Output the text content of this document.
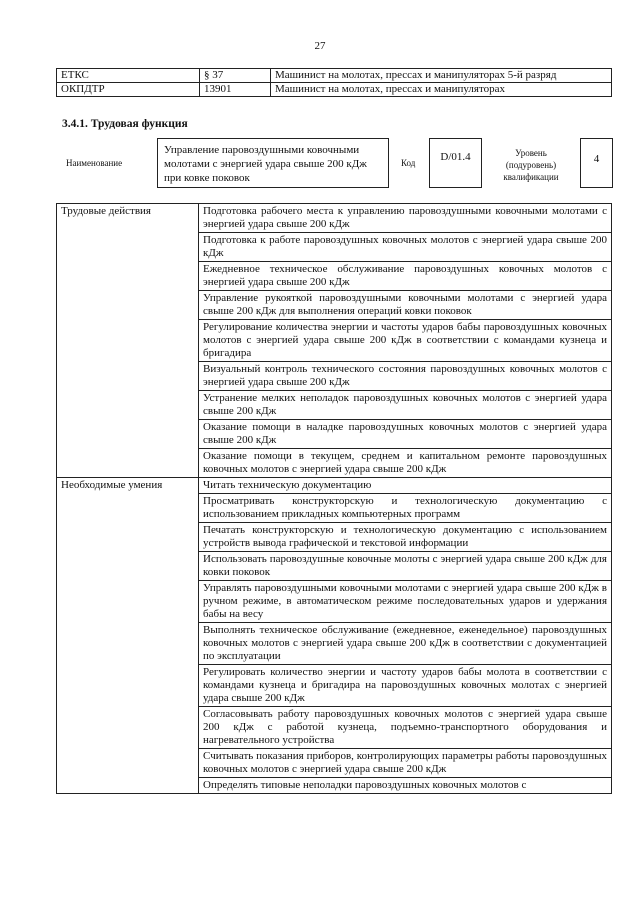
27
ЕТКС	§ 37	Машинист на молотах, прессах и манипуляторах 5-й разряд
ОКПДТР	13901	Машинист на молотах, прессах и манипуляторах
3.4.1. Трудовая функция
Наименование
Управление паровоздушными ковочными молотами с энергией удара свыше 200 кДж при ковке поковок
Код	D/01.4	Уровень (подуровень) квалификации
4
Трудовые действия	Подготовка рабочего места к управлению паровоздушными ковочными молотами с энергией удара свыше 200 кДж
	Подготовка к работе паровоздушных ковочных молотов с энергией удара свыше 200 кДж
	Ежедневное техническое обслуживание паровоздушных ковочных молотов с энергией удара свыше 200 кДж
	Управление рукояткой паровоздушными ковочными молотами с энергией удара свыше 200 кДж для выполнения операций ковки поковок
	Регулирование количества энергии и частоты ударов бабы паровоздушных ковочных молотов с энергией удара свыше 200 кДж в соответствии с командами кузнеца и бригадира
	Визуальный контроль технического состояния паровоздушных ковочных молотов с энергией удара свыше 200 кДж
	Устранение мелких неполадок паровоздушных ковочных молотов с энергией удара свыше 200 кДж
	Оказание помощи в наладке паровоздушных ковочных молотов с энергией удара свыше 200 кДж
	Оказание помощи в текущем, среднем и капитальном ремонте паровоздушных ковочных молотов с энергией удара свыше 200 кДж
Необходимые умения	Читать техническую документацию
	Просматривать конструкторскую и технологическую документацию с использованием прикладных компьютерных программ
	Печатать конструкторскую и технологическую документацию с использованием устройств вывода графической и текстовой информации
	Использовать паровоздушные ковочные молоты с энергией удара свыше 200 кДж для ковки поковок
	Управлять паровоздушными ковочными молотами с энергией удара свыше 200 кДж в ручном режиме, в автоматическом режиме последовательных ударов и удержания бабы на весу
	Выполнять техническое обслуживание (ежедневное, еженедельное) паровоздушных ковочных молотов с энергией удара свыше 200 кДж в соответствии с документацией по эксплуатации
	Регулировать количество энергии и частоту ударов бабы молота в соответствии с командами кузнеца и бригадира на паровоздушных ковочных молотах с энергией удара свыше 200 кДж
	Согласовывать работу паровоздушных ковочных молотов с энергией удара свыше 200 кДж с работой кузнеца, подъемно-транспортного оборудования и нагревательного устройства
	Считывать показания приборов, контролирующих параметры работы паровоздушных ковочных молотов с энергией удара свыше 200 кДж
	Определять типовые неполадки паровоздушных ковочных молотов с
